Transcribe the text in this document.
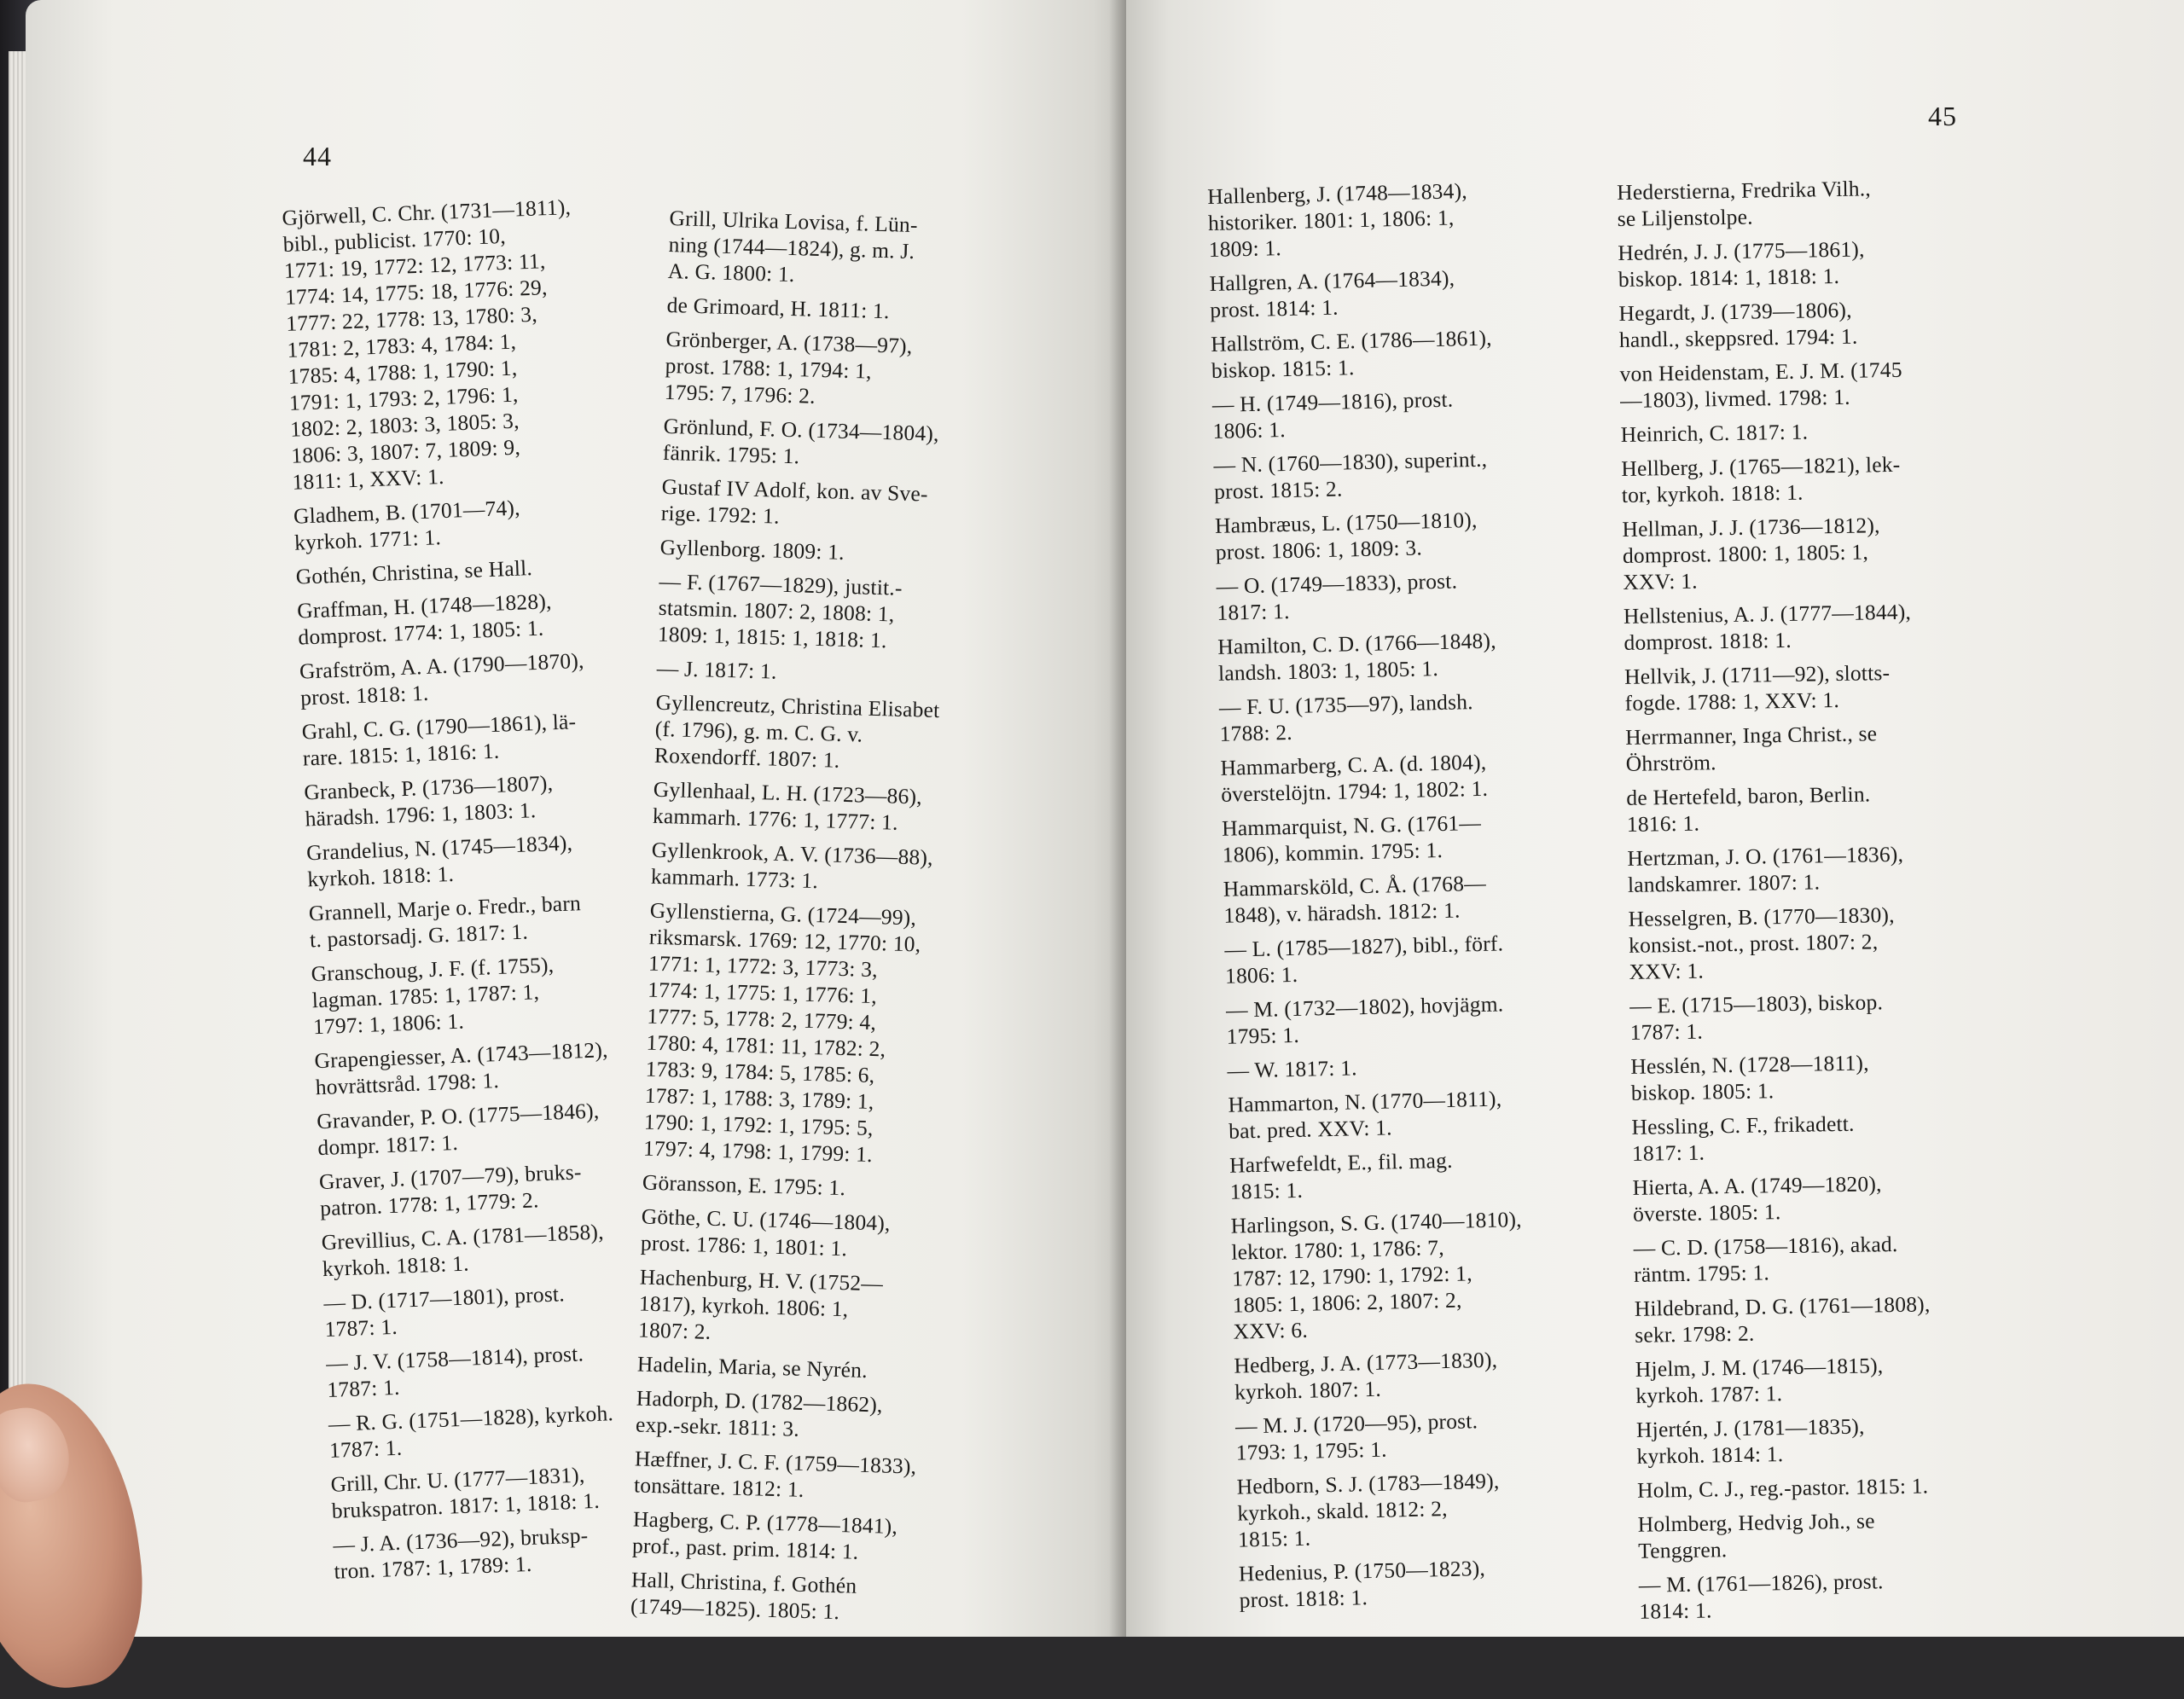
44
Gjörwell, C. Chr. (1731—1811),
bibl., publicist. 1770: 10,
1771: 19, 1772: 12, 1773: 11,
1774: 14, 1775: 18, 1776: 29,
1777: 22, 1778: 13, 1780: 3,
1781: 2, 1783: 4, 1784: 1,
1785: 4, 1788: 1, 1790: 1,
1791: 1, 1793: 2, 1796: 1,
1802: 2, 1803: 3, 1805: 3,
1806: 3, 1807: 7, 1809: 9,
1811: 1, XXV: 1.
Gladhem, B. (1701—74),
kyrkoh. 1771: 1.
Gothén, Christina, se Hall.
Graffman, H. (1748—1828),
domprost. 1774: 1, 1805: 1.
Grafström, A. A. (1790—1870),
prost. 1818: 1.
Grahl, C. G. (1790—1861), lä-
rare. 1815: 1, 1816: 1.
Granbeck, P. (1736—1807),
häradsh. 1796: 1, 1803: 1.
Grandelius, N. (1745—1834),
kyrkoh. 1818: 1.
Grannell, Marje o. Fredr., barn
t. pastorsadj. G. 1817: 1.
Granschoug, J. F. (f. 1755),
lagman. 1785: 1, 1787: 1,
1797: 1, 1806: 1.
Grapengiesser, A. (1743—1812),
hovrättsråd. 1798: 1.
Gravander, P. O. (1775—1846),
dompr. 1817: 1.
Graver, J. (1707—79), bruks-
patron. 1778: 1, 1779: 2.
Grevillius, C. A. (1781—1858),
kyrkoh. 1818: 1.
— D. (1717—1801), prost.
1787: 1.
— J. V. (1758—1814), prost.
1787: 1.
— R. G. (1751—1828), kyrkoh.
1787: 1.
Grill, Chr. U. (1777—1831),
brukspatron. 1817: 1, 1818: 1.
— J. A. (1736—92), bruksp-
tron. 1787: 1, 1789: 1.
Grill, Ulrika Lovisa, f. Lün-
ning (1744—1824), g. m. J.
A. G. 1800: 1.
de Grimoard, H. 1811: 1.
Grönberger, A. (1738—97),
prost. 1788: 1, 1794: 1,
1795: 7, 1796: 2.
Grönlund, F. O. (1734—1804),
fänrik. 1795: 1.
Gustaf IV Adolf, kon. av Sve-
rige. 1792: 1.
Gyllenborg. 1809: 1.
— F. (1767—1829), justit.-
statsmin. 1807: 2, 1808: 1,
1809: 1, 1815: 1, 1818: 1.
— J. 1817: 1.
Gyllencreutz, Christina Elisabet
(f. 1796), g. m. C. G. v.
Roxendorff. 1807: 1.
Gyllenhaal, L. H. (1723—86),
kammarh. 1776: 1, 1777: 1.
Gyllenkrook, A. V. (1736—88),
kammarh. 1773: 1.
Gyllenstierna, G. (1724—99),
riksmarsk. 1769: 12, 1770: 10,
1771: 1, 1772: 3, 1773: 3,
1774: 1, 1775: 1, 1776: 1,
1777: 5, 1778: 2, 1779: 4,
1780: 4, 1781: 11, 1782: 2,
1783: 9, 1784: 5, 1785: 6,
1787: 1, 1788: 3, 1789: 1,
1790: 1, 1792: 1, 1795: 5,
1797: 4, 1798: 1, 1799: 1.
Göransson, E. 1795: 1.
Göthe, C. U. (1746—1804),
prost. 1786: 1, 1801: 1.
Hachenburg, H. V. (1752—
1817), kyrkoh. 1806: 1,
1807: 2.
Hadelin, Maria, se Nyrén.
Hadorph, D. (1782—1862),
exp.-sekr. 1811: 3.
Hæffner, J. C. F. (1759—1833),
tonsättare. 1812: 1.
Hagberg, C. P. (1778—1841),
prof., past. prim. 1814: 1.
Hall, Christina, f. Gothén
(1749—1825). 1805: 1.
45
Hallenberg, J. (1748—1834),
historiker. 1801: 1, 1806: 1,
1809: 1.
Hallgren, A. (1764—1834),
prost. 1814: 1.
Hallström, C. E. (1786—1861),
biskop. 1815: 1.
— H. (1749—1816), prost.
1806: 1.
— N. (1760—1830), superint.,
prost. 1815: 2.
Hambræus, L. (1750—1810),
prost. 1806: 1, 1809: 3.
— O. (1749—1833), prost.
1817: 1.
Hamilton, C. D. (1766—1848),
landsh. 1803: 1, 1805: 1.
— F. U. (1735—97), landsh.
1788: 2.
Hammarberg, C. A. (d. 1804),
överstelöjtn. 1794: 1, 1802: 1.
Hammarquist, N. G. (1761—
1806), kommin. 1795: 1.
Hammarsköld, C. Å. (1768—
1848), v. häradsh. 1812: 1.
— L. (1785—1827), bibl., förf.
1806: 1.
— M. (1732—1802), hovjägm.
1795: 1.
— W. 1817: 1.
Hammarton, N. (1770—1811),
bat. pred. XXV: 1.
Harfwefeldt, E., fil. mag.
1815: 1.
Harlingson, S. G. (1740—1810),
lektor. 1780: 1, 1786: 7,
1787: 12, 1790: 1, 1792: 1,
1805: 1, 1806: 2, 1807: 2,
XXV: 6.
Hedberg, J. A. (1773—1830),
kyrkoh. 1807: 1.
— M. J. (1720—95), prost.
1793: 1, 1795: 1.
Hedborn, S. J. (1783—1849),
kyrkoh., skald. 1812: 2,
1815: 1.
Hedenius, P. (1750—1823),
prost. 1818: 1.
Hederstierna, Fredrika Vilh.,
se Liljenstolpe.
Hedrén, J. J. (1775—1861),
biskop. 1814: 1, 1818: 1.
Hegardt, J. (1739—1806),
handl., skeppsred. 1794: 1.
von Heidenstam, E. J. M. (1745
—1803), livmed. 1798: 1.
Heinrich, C. 1817: 1.
Hellberg, J. (1765—1821), lek-
tor, kyrkoh. 1818: 1.
Hellman, J. J. (1736—1812),
domprost. 1800: 1, 1805: 1,
XXV: 1.
Hellstenius, A. J. (1777—1844),
domprost. 1818: 1.
Hellvik, J. (1711—92), slotts-
fogde. 1788: 1, XXV: 1.
Herrmanner, Inga Christ., se
Öhrström.
de Hertefeld, baron, Berlin.
1816: 1.
Hertzman, J. O. (1761—1836),
landskamrer. 1807: 1.
Hesselgren, B. (1770—1830),
konsist.-not., prost. 1807: 2,
XXV: 1.
— E. (1715—1803), biskop.
1787: 1.
Hesslén, N. (1728—1811),
biskop. 1805: 1.
Hessling, C. F., frikadett.
1817: 1.
Hierta, A. A. (1749—1820),
överste. 1805: 1.
— C. D. (1758—1816), akad.
räntm. 1795: 1.
Hildebrand, D. G. (1761—1808),
sekr. 1798: 2.
Hjelm, J. M. (1746—1815),
kyrkoh. 1787: 1.
Hjertén, J. (1781—1835),
kyrkoh. 1814: 1.
Holm, C. J., reg.-pastor. 1815: 1.
Holmberg, Hedvig Joh., se
Tenggren.
— M. (1761—1826), prost.
1814: 1.
